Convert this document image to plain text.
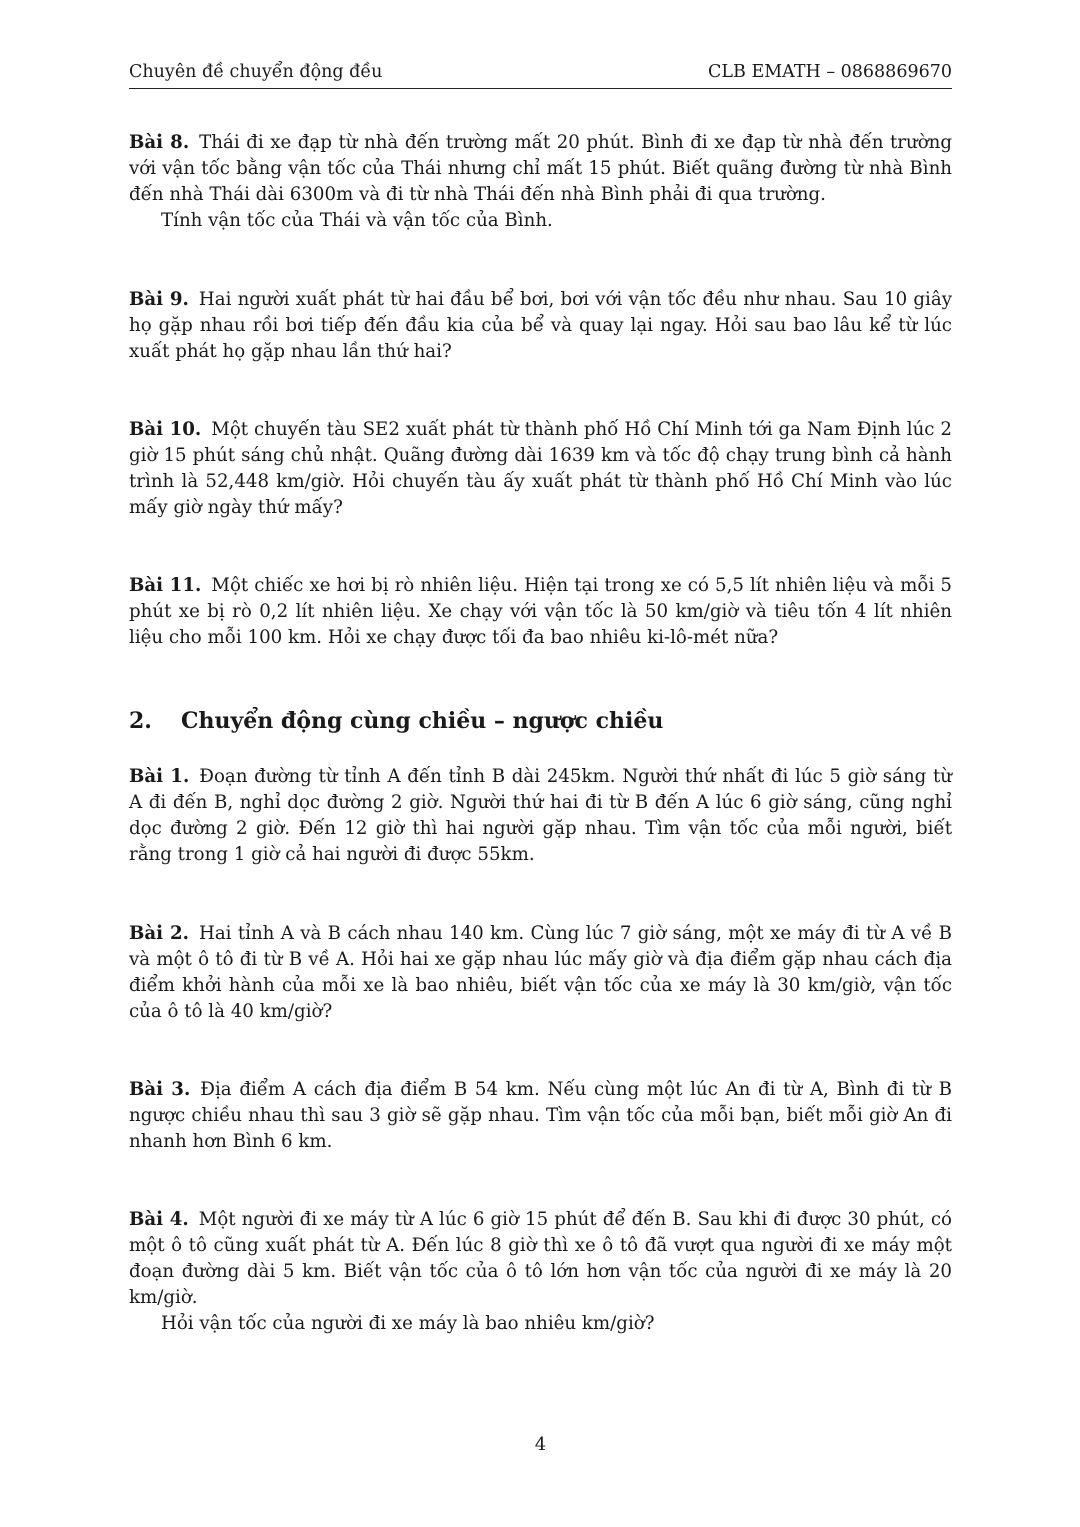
Chuyên đề chuyển động đều	CLB EMATH – 0868869670

Bài 8. Thái đi xe đạp từ nhà đến trường mất 20 phút. Bình đi xe đạp từ nhà đến trường với vận tốc bằng vận tốc của Thái nhưng chỉ mất 15 phút. Biết quãng đường từ nhà Bình đến nhà Thái dài 6300m và đi từ nhà Thái đến nhà Bình phải đi qua trường.

Tính vận tốc của Thái và vận tốc của Bình.

Bài 9. Hai người xuất phát từ hai đầu bể bơi, bơi với vận tốc đều như nhau. Sau 10 giây họ gặp nhau rồi bơi tiếp đến đầu kia của bể và quay lại ngay. Hỏi sau bao lâu kể từ lúc xuất phát họ gặp nhau lần thứ hai?

Bài 10. Một chuyến tàu SE2 xuất phát từ thành phố Hồ Chí Minh tới ga Nam Định lúc 2 giờ 15 phút sáng chủ nhật. Quãng đường dài 1639 km và tốc độ chạy trung bình cả hành trình là 52,448 km/giờ. Hỏi chuyến tàu ấy xuất phát từ thành phố Hồ Chí Minh vào lúc mấy giờ ngày thứ mấy?

Bài 11. Một chiếc xe hơi bị rò nhiên liệu. Hiện tại trong xe có 5,5 lít nhiên liệu và mỗi 5 phút xe bị rò 0,2 lít nhiên liệu. Xe chạy với vận tốc là 50 km/giờ và tiêu tốn 4 lít nhiên liệu cho mỗi 100 km. Hỏi xe chạy được tối đa bao nhiêu ki-lô-mét nữa?

2.	Chuyển động cùng chiều – ngược chiều

Bài 1. Đoạn đường từ tỉnh A đến tỉnh B dài 245km. Người thứ nhất đi lúc 5 giờ sáng từ A đi đến B, nghỉ dọc đường 2 giờ. Người thứ hai đi từ B đến A lúc 6 giờ sáng, cũng nghỉ dọc đường 2 giờ. Đến 12 giờ thì hai người gặp nhau. Tìm vận tốc của mỗi người, biết rằng trong 1 giờ cả hai người đi được 55km.

Bài 2. Hai tỉnh A và B cách nhau 140 km. Cùng lúc 7 giờ sáng, một xe máy đi từ A về B và một ô tô đi từ B về A. Hỏi hai xe gặp nhau lúc mấy giờ và địa điểm gặp nhau cách địa điểm khởi hành của mỗi xe là bao nhiêu, biết vận tốc của xe máy là 30 km/giờ, vận tốc của ô tô là 40 km/giờ?

Bài 3. Địa điểm A cách địa điểm B 54 km. Nếu cùng một lúc An đi từ A, Bình đi từ B ngược chiều nhau thì sau 3 giờ sẽ gặp nhau. Tìm vận tốc của mỗi bạn, biết mỗi giờ An đi nhanh hơn Bình 6 km.

Bài 4. Một người đi xe máy từ A lúc 6 giờ 15 phút để đến B. Sau khi đi được 30 phút, có một ô tô cũng xuất phát từ A. Đến lúc 8 giờ thì xe ô tô đã vượt qua người đi xe máy một đoạn đường dài 5 km. Biết vận tốc của ô tô lớn hơn vận tốc của người đi xe máy là 20 km/giờ.

Hỏi vận tốc của người đi xe máy là bao nhiêu km/giờ?

4
